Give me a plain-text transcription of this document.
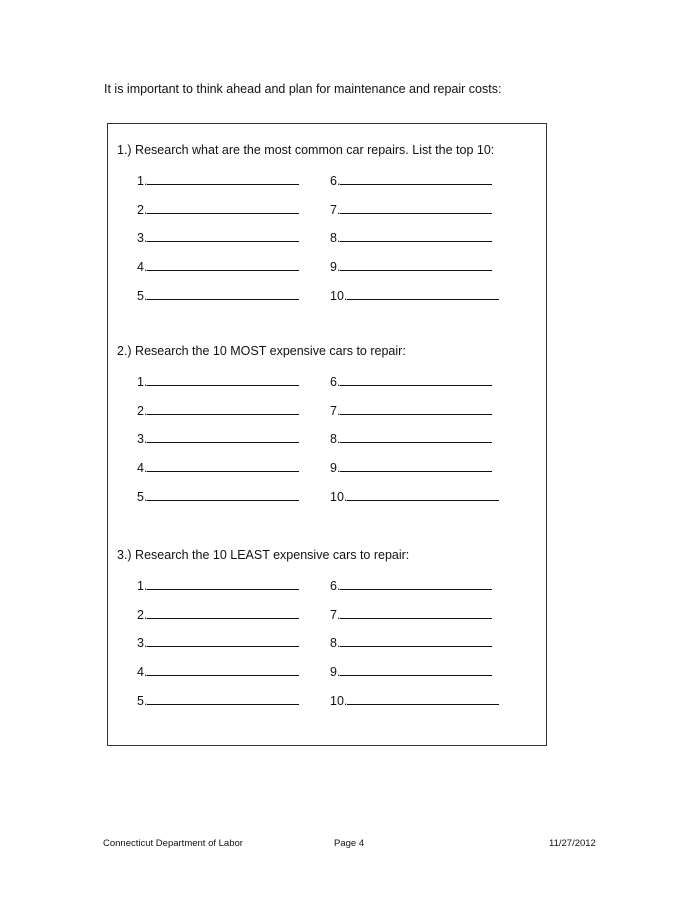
It is important to think ahead and plan for maintenance and repair costs:
1.) Research what are the most common car repairs. List the top 10:
1.
2.
3.
4.
5.
6.
7.
8.
9.
10.
2.) Research the 10 MOST expensive cars to repair:
1.
2.
3.
4.
5.
6.
7.
8.
9.
10.
3.) Research the 10 LEAST expensive cars to repair:
1.
2.
3.
4.
5.
6.
7.
8.
9.
10.
Connecticut Department of Labor	Page 4	11/27/2012
